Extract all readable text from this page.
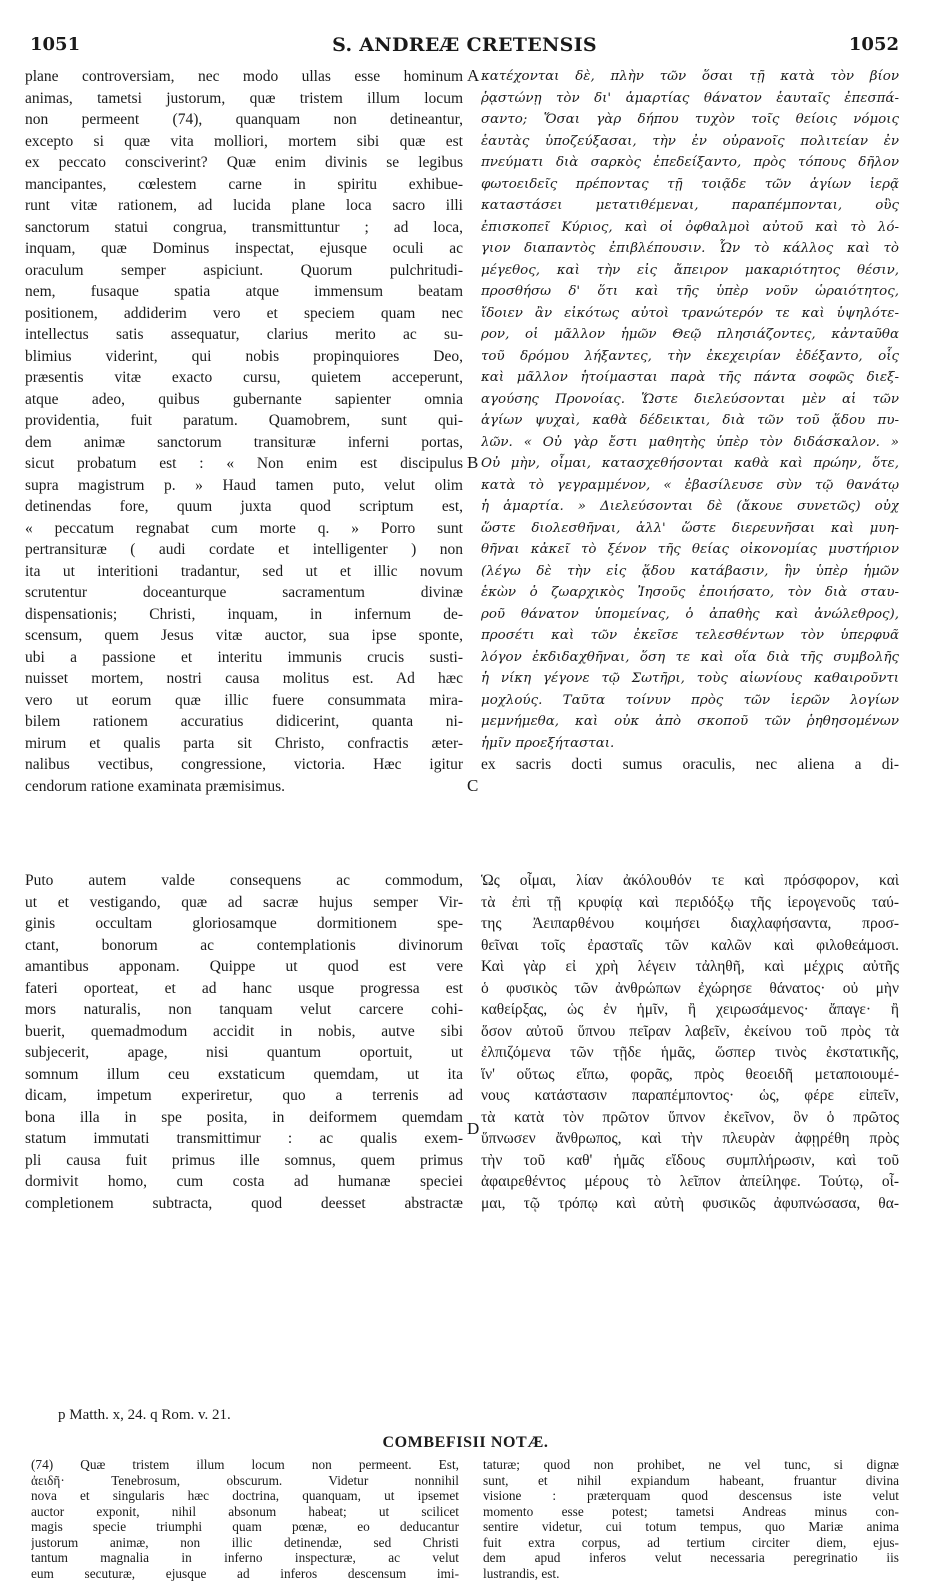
1051	S. ANDREÆ CRETENSIS	1052
plane controversiam, nec modo ullas esse hominum
animas, tametsi justorum, quæ tristem illum locum
non permeent (74), quanquam non detineantur,
excepto si quæ vita molliori, mortem sibi quæ est
ex peccato consciverint? Quæ enim divinis se legibus
mancipantes, cœlestem carne in spiritu exhibue-
runt vitæ rationem, ad lucida plane loca sacro illi
sanctorum statui congrua, transmittuntur ; ad loca,
inquam, quæ Dominus inspectat, ejusque oculi ac
oraculum semper aspiciunt. Quorum pulchritudi-
nem, fusaque spatia atque immensum beatam
positionem, addiderim vero et speciem quam nec
intellectus satis assequatur, clarius merito ac su-
blimius viderint, qui nobis propinquiores Deo,
præsentis vitæ exacto cursu, quietem acceperunt,
atque adeo, quibus gubernante sapienter omnia
providentia, fuit paratum. Quamobrem, sunt qui-
dem animæ sanctorum transituræ inferni portas,
sicut probatum est : « Non enim est discipulus
supra magistrum p. » Haud tamen puto, velut olim
detinendas fore, quum juxta quod scriptum est,
« peccatum regnabat cum morte q. » Porro sunt
pertransituræ ( audi cordate et intelligenter ) non
ita ut interitioni tradantur, sed ut et illic novum
scrutentur doceanturque sacramentum divinæ
dispensationis; Christi, inquam, in infernum de-
scensum, quem Jesus vitæ auctor, sua ipse sponte,
ubi a passione et interitu immunis crucis susti-
nuisset mortem, nostri causa molitus est. Ad hæc
vero ut eorum quæ illic fuere consummata mira-
bilem rationem accuratius didicerint, quanta ni-
mirum et qualis parta sit Christo, confractis æter-
nalibus vectibus, congressione, victoria. Hæc igitur
cendorum ratione examinata præmisimus.
κατέχονται δὲ, πλὴν τῶν ὅσαι τῇ κατὰ τὸν βίον
ῥᾳστώνῃ τὸν δι' ἁμαρτίας θάνατον ἑαυταῖς ἐπεσπά-
σαντο; Ὅσαι γὰρ δήπου τυχὸν τοῖς θείοις νόμοις
ἑαυτὰς ὑποζεύξασαι, τὴν ἐν οὐρανοῖς πολιτείαν ἐν
πνεύματι διὰ σαρκὸς ἐπεδείξαντο, πρὸς τόπους δῆλον
φωτοειδεῖς πρέποντας τῇ τοιᾷδε τῶν ἁγίων ἱερᾷ
καταστάσει μετατιθέμεναι, παραπέμπονται, οὓς
ἐπισκοπεῖ Κύριος, καὶ οἱ ὀφθαλμοὶ αὐτοῦ καὶ τὸ λό-
γιον διαπαντὸς ἐπιβλέπουσιν. Ὧν τὸ κάλλος καὶ τὸ
μέγεθος, καὶ τὴν εἰς ἄπειρον μακαριότητος θέσιν,
προσθήσω δ' ὅτι καὶ τῆς ὑπὲρ νοῦν ὡραιότητος,
ἴδοιεν ἂν εἰκότως αὐτοὶ τρανώτερόν τε καὶ ὑψηλότε-
ρον, οἱ μᾶλλον ἡμῶν Θεῷ πλησιάζοντες, κἀνταῦθα
τοῦ δρόμου λήξαντες, τὴν ἐκεχειρίαν ἐδέξαντο, οἷς
καὶ μᾶλλον ἡτοίμασται παρὰ τῆς πάντα σοφῶς διεξ-
αγούσης Προνοίας. Ὥστε διελεύσονται μὲν αἱ τῶν
ἁγίων ψυχαὶ, καθὰ δέδεικται, διὰ τῶν τοῦ ᾅδου πυ-
λῶν. « Οὐ γὰρ ἔστι μαθητὴς ὑπὲρ τὸν διδάσκαλον. »
Οὐ μὴν, οἶμαι, κατασχεθήσονται καθὰ καὶ πρώην, ὅτε,
κατὰ τὸ γεγραμμένον, « ἐβασίλευσε σὺν τῷ θανάτῳ
ἡ ἁμαρτία. » Διελεύσονται δὲ (ἄκουε συνετῶς) οὐχ
ὥστε διολεσθῆναι, ἀλλ' ὥστε διερευνῆσαι καὶ μυη-
θῆναι κἀκεῖ τὸ ξένον τῆς θείας οἰκονομίας μυστήριον
(λέγω δὲ τὴν εἰς ᾅδου κατάβασιν, ἣν ὑπὲρ ἡμῶν
ἑκὼν ὁ ζωαρχικὸς Ἰησοῦς ἐποιήσατο, τὸν διὰ σταυ-
ροῦ θάνατον ὑπομείνας, ὁ ἀπαθὴς καὶ ἀνώλεθρος),
προσέτι καὶ τῶν ἐκεῖσε τελεσθέντων τὸν ὑπερφυᾶ
λόγον ἐκδιδαχθῆναι, ὅση τε καὶ οἵα διὰ τῆς συμβολῆς
ἡ νίκη γέγονε τῷ Σωτῆρι, τοὺς αἰωνίους καθαιροῦντι
μοχλούς. Ταῦτα τοίνυν πρὸς τῶν ἱερῶν λογίων
μεμνήμεθα, καὶ οὐκ ἀπὸ σκοποῦ τῶν ῥηθησομένων
ἡμῖν προεξήτασται.
ex sacris docti sumus oraculis, nec aliena a di-
A
B
C
D
Puto autem valde consequens ac commodum,
ut et vestigando, quæ ad sacræ hujus semper Vir-
ginis occultam gloriosamque dormitionem spe-
ctant, bonorum ac contemplationis divinorum
amantibus apponam. Quippe ut quod est vere
fateri oporteat, et ad hanc usque progressa est
mors naturalis, non tanquam velut carcere cohi-
buerit, quemadmodum accidit in nobis, autve sibi
subjecerit, apage, nisi quantum oportuit, ut
somnum illum ceu exstaticum quemdam, ut ita
dicam, impetum experiretur, quo a terrenis ad
bona illa in spe posita, in deiformem quemdam
statum immutati transmittimur : ac qualis exem-
pli causa fuit primus ille somnus, quem primus
dormivit homo, cum costa ad humanæ speciei
completionem subtracta, quod deesset abstractæ
Ὡς οἶμαι, λίαν ἀκόλουθόν τε καὶ πρόσφορον, καὶ
τὰ ἐπὶ τῇ κρυφίᾳ καὶ περιδόξῳ τῆς ἱερογενοῦς ταύ-
της Ἀειπαρθένου κοιμήσει διαχλαφήσαντα, προσ-
θεῖναι τοῖς ἐρασταῖς τῶν καλῶν καὶ φιλοθεάμοσι.
Καὶ γὰρ εἰ χρὴ λέγειν τἀληθῆ, καὶ μέχρις αὐτῆς
ὁ φυσικὸς τῶν ἀνθρώπων ἐχώρησε θάνατος· οὐ μὴν
καθείρξας, ὡς ἐν ἡμῖν, ἢ χειρωσάμενος· ἄπαγε· ἢ
ὅσον αὐτοῦ ὕπνου πεῖραν λαβεῖν, ἐκείνου τοῦ πρὸς τὰ
ἐλπιζόμενα τῶν τῇδε ἡμᾶς, ὥσπερ τινὸς ἐκστατικῆς,
ἵν' οὕτως εἴπω, φορᾶς, πρὸς θεοειδῆ μεταποιουμέ-
νους κατάστασιν παραπέμποντος· ὡς, φέρε εἰπεῖν,
τὰ κατὰ τὸν πρῶτον ὕπνον ἐκεῖνον, ὃν ὁ πρῶτος
ὕπνωσεν ἄνθρωπος, καὶ τὴν πλευρὰν ἀφῃρέθη πρὸς
τὴν τοῦ καθ' ἡμᾶς εἴδους συμπλήρωσιν, καὶ τοῦ
ἀφαιρεθέντος μέρους τὸ λεῖπον ἀπείληφε. Τούτῳ, οἶ-
μαι, τῷ τρόπῳ καὶ αὐτὴ φυσικῶς ἀφυπνώσασα, θα-
p Matth. x, 24. q Rom. v. 21.
COMBEFISII NOTÆ.
(74) Quæ tristem illum locum non permeent. Est,
ἀειδῆ· Tenebrosum, obscurum. Videtur nonnihil
nova et singularis hæc doctrina, quanquam, ut ipsemet
auctor exponit, nihil absonum habeat; ut scilicet
magis specie triumphi quam pœnæ, eo deducantur
justorum animæ, non illic detinendæ, sed Christi
tantum magnalia in inferno inspecturæ, ac velut
eum secuturæ, ejusque ad inferos descensum imi-
taturæ; quod non prohibet, ne vel tunc, si dignæ
sunt, et nihil expiandum habeant, fruantur divina
visione : præterquam quod descensus iste velut
momento esse potest; tametsi Andreas minus con-
sentire videtur, cui totum tempus, quo Mariæ anima
fuit extra corpus, ad tertium circiter diem, ejus-
dem apud inferos velut necessaria peregrinatio iis
lustrandis, est.
